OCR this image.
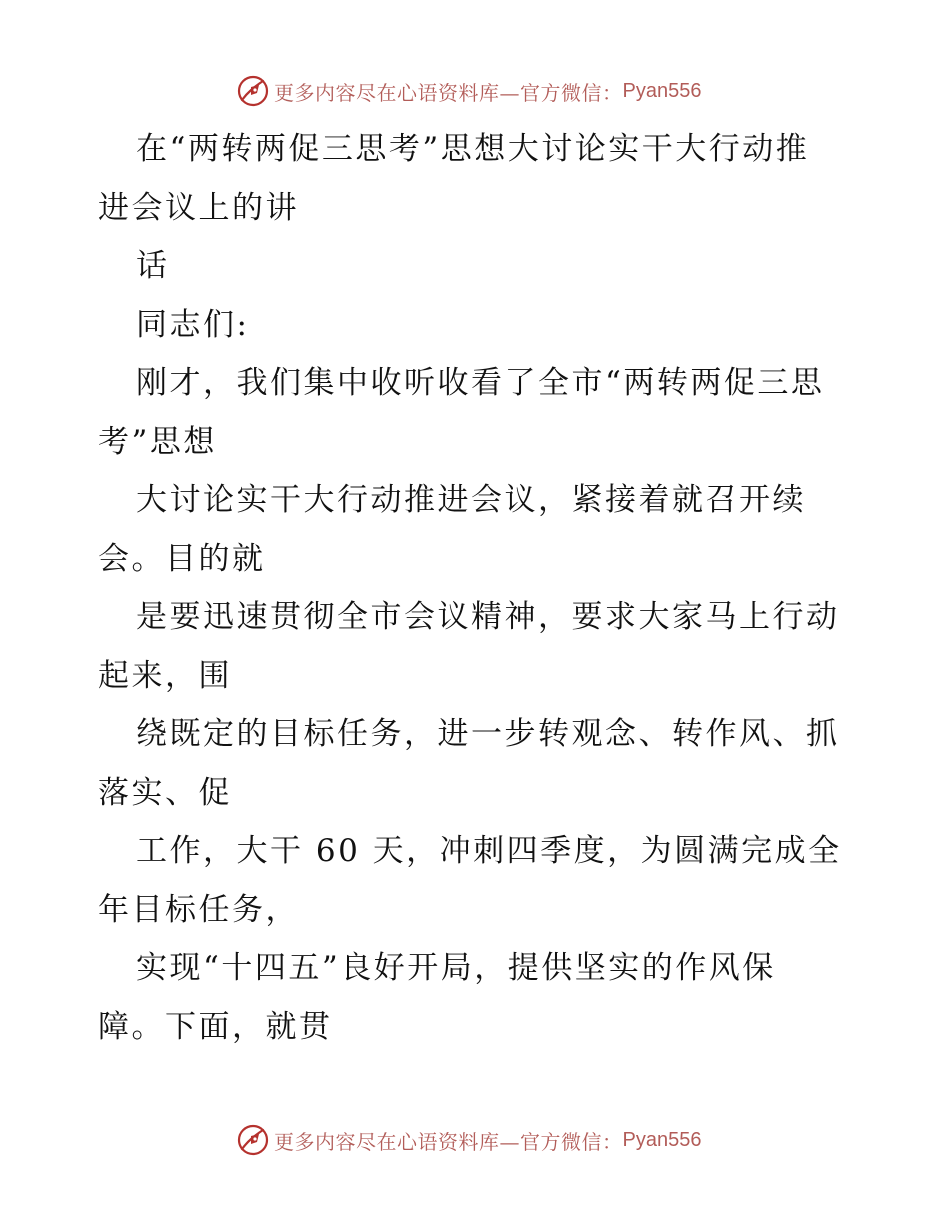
更多内容尽在心语资料库—官方微信： Pyan556
在“两转两促三思考”思想大讨论实干大行动推
进会议上的讲
话
同志们:
刚才，我们集中收听收看了全市“两转两促三思
考”思想
大讨论实干大行动推进会议，紧接着就召开续
会。目的就
是要迅速贯彻全市会议精神，要求大家马上行动
起来，围
绕既定的目标任务，进一步转观念、转作风、抓
落实、促
工作，大干 60 天，冲刺四季度，为圆满完成全
年目标任务，
实现“十四五”良好开局，提供坚实的作风保
障。下面，就贯
更多内容尽在心语资料库—官方微信： Pyan556
